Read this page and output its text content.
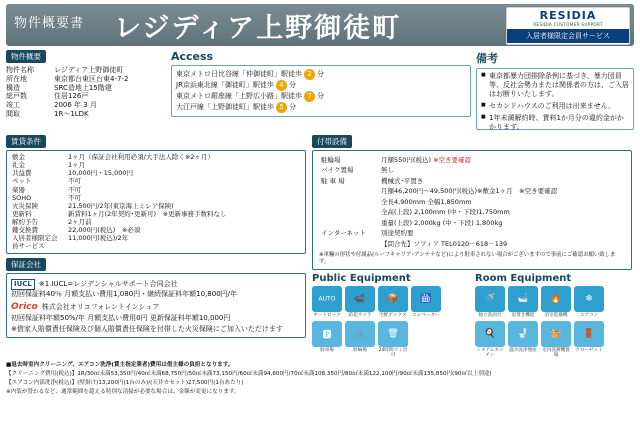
物件概要書 レジディア上野御徒町	RESIDIA
RESIDIA CUSTOMER SUPPORT
入居者様限定会員サービス
物件概要
物件名称	レジディア上野御徒町
所在地	東京都台東区台東4-7-2
構造	SRC造地上15階建
総戸数	住居126戸
竣工	2006 年 3 月
間取	1R～1LDK
Access
東京メトロ日比谷線「仲御徒町」駅徒歩 2 分
JR京浜東北線「御徒町」駅徒歩 4 分
東京メトロ銀座線「上野広小路」駅徒歩 7 分
大江戸線「上野御徒町」駅徒歩 5 分
備考
■ 東京都暴力団排除条例に基づき、暴力団員等、反社会勢力または関係者の方は、ご入居はお断りいたします。
■ セカンドハウスのご利用は出来ません。
■ 1年未満解約時、賃料1か月分の違約金がかかります。
賃貸条件
敷金	1ヶ月（保証会社利用必須/大手法人除く※2ヶ月）
礼金	1ヶ月
共益費	10,000円・15,000円
ペット	不可
楽器	不可
SOHO	不可
火災保険	21,500円/2年(東京海上ミレア保険)
更新料	新賃料1ヶ月(2年契約･更新可)　※更新事務手数料なし
解約予告	2ヶ月前
鍵交換費	22,000円(税込)　※必須
入居者様限定会員サービス	11,000円(税込)/2年
保証会社
IUCL	※1 IUCL=レジデンシャルサポート合同会社
初回保証料40％ 月額支払い費用1,080円・継続保証料年額10,800円/年
Orico 株式会社オリコフォレントインシュア
初回保証料年額50%/年 月額支払い費用0円 更新保証料年額10,000円
※借家人賠償責任保険及び個人賠償責任保険を付帯した火災保険にご加入いただけます
付帯設備
駐輪場	月額550円(税込) ※空き要確認
バイク置場	無し
駐 車 場	機械式･平置き
	月額46,200円～49,500円(税込)※敷金1ヶ月　※空き要確認
	全長4,900mm 全幅1,850mm
	全高(上段) 2,100mm (中・下段)1,750mm
	重量(上段) 2,000kg (中・下段) 1,800kg
インターネット	別途契約要
	【問合先】ソフィア TEL0120－618－139
※車輛の形状や付属品(ルーフキャリア･アンテナなど)により駐車されない場合がございますので事前にご確認お願い致します。
Public Equipment
AUTO
オートロック
📹
防犯カメラ
📦
宅配ボックス
🛗
エレベーター
🅿
駐車場
🚲
駐輪場
🗑
24時間ゴミ出可
Room Equipment
🚿
独立洗面台
🛁
追焚き機能
🔥
浴室乾燥機
❄
エアコン
🍳
システムキッチン
🚽
温水洗浄便座
🧺
室内洗濯機置場
🚪
クローゼット
■退去時室内クリーニング、エアコン洗浄(賃主指定業者)費用は借主様の負担となります。
【クリーニング費用(税込)】1R/30㎡未満53,350円/40㎡未満68,750円/50㎡未満73,150円/60㎡未満94,600円/70㎡未満108,350円/80㎡未満122,100円/90㎡未満135,850円(90㎡以上別途)
【エアコン内部洗浄(税込)】(壁掛け)13,200円(1台のみ)/(天井カセット)27,500円(1台あたり)
※内装が替わるなど、通常範囲を超える特別な清掃が必要な場合は、金額が変更になります。
